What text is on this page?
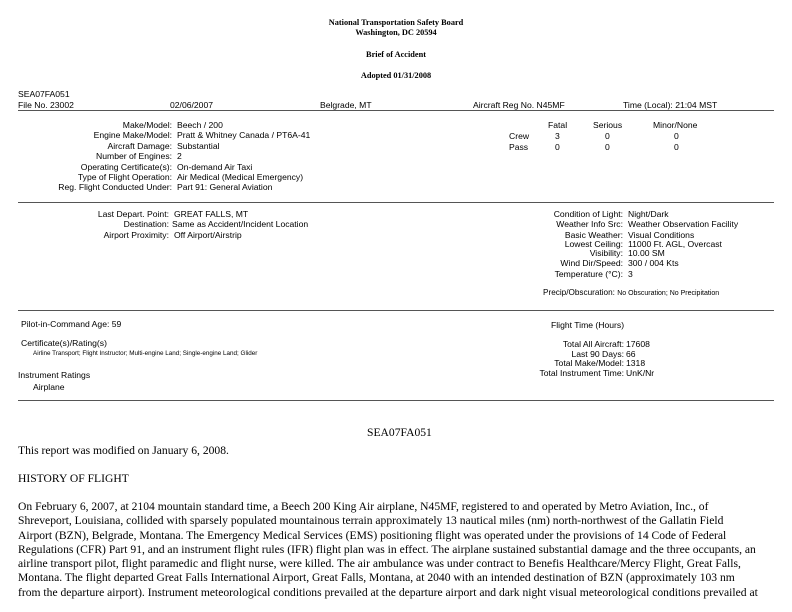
National Transportation Safety Board
Washington, DC 20594
Brief of Accident
Adopted 01/31/2008
SEA07FA051
File No. 23002	02/06/2007	Belgrade, MT	Aircraft Reg No. N45MF	Time (Local): 21:04 MST
Make/Model: Beech / 200
Engine Make/Model: Pratt & Whitney Canada / PT6A-41
Aircraft Damage: Substantial
Number of Engines: 2
Operating Certificate(s): On-demand Air Taxi
Type of Flight Operation: Air Medical (Medical Emergency)
Reg. Flight Conducted Under: Part 91: General Aviation
Fatal	Serious	Minor/None
Crew	3	0	0
Pass	0	0	0
Last Depart. Point: GREAT FALLS, MT
Destination: Same as Accident/Incident Location
Airport Proximity: Off Airport/Airstrip
Condition of Light: Night/Dark
Weather Info Src: Weather Observation Facility
Basic Weather: Visual Conditions
Lowest Ceiling: 11000 Ft. AGL, Overcast
Visibility: 10.00 SM
Wind Dir/Speed: 300 / 004 Kts
Temperature (°C): 3
Precip/Obscuration: No Obscuration; No Precipitation
Pilot-in-Command Age: 59
Certificate(s)/Rating(s)
Airline Transport; Flight Instructor; Multi-engine Land; Single-engine Land; Glider
Instrument Ratings
Airplane
Flight Time (Hours)
Total All Aircraft: 17608
Last 90 Days: 66
Total Make/Model: 1318
Total Instrument Time: UnK/Nr
SEA07FA051
This report was modified on January 6, 2008.
HISTORY OF FLIGHT
On February 6, 2007, at 2104 mountain standard time, a Beech 200 King Air airplane, N45MF, registered to and operated by Metro Aviation, Inc., of
Shreveport, Louisiana, collided with sparsely populated mountainous terrain approximately 13 nautical miles (nm) north-northwest of the Gallatin Field
Airport (BZN), Belgrade, Montana. The Emergency Medical Services (EMS) positioning flight was operated under the provisions of 14 Code of Federal
Regulations (CFR) Part 91, and an instrument flight rules (IFR) flight plan was in effect. The airplane sustained substantial damage and the three occupants, an
airline transport pilot, flight paramedic and flight nurse, were killed. The air ambulance was under contract to Benefis Healthcare/Mercy Flight, Great Falls,
Montana. The flight departed Great Falls International Airport, Great Falls, Montana, at 2040 with an intended destination of BZN (approximately 103 nm
from the departure airport). Instrument meteorological conditions prevailed at the departure airport and dark night visual meteorological conditions prevailed at
